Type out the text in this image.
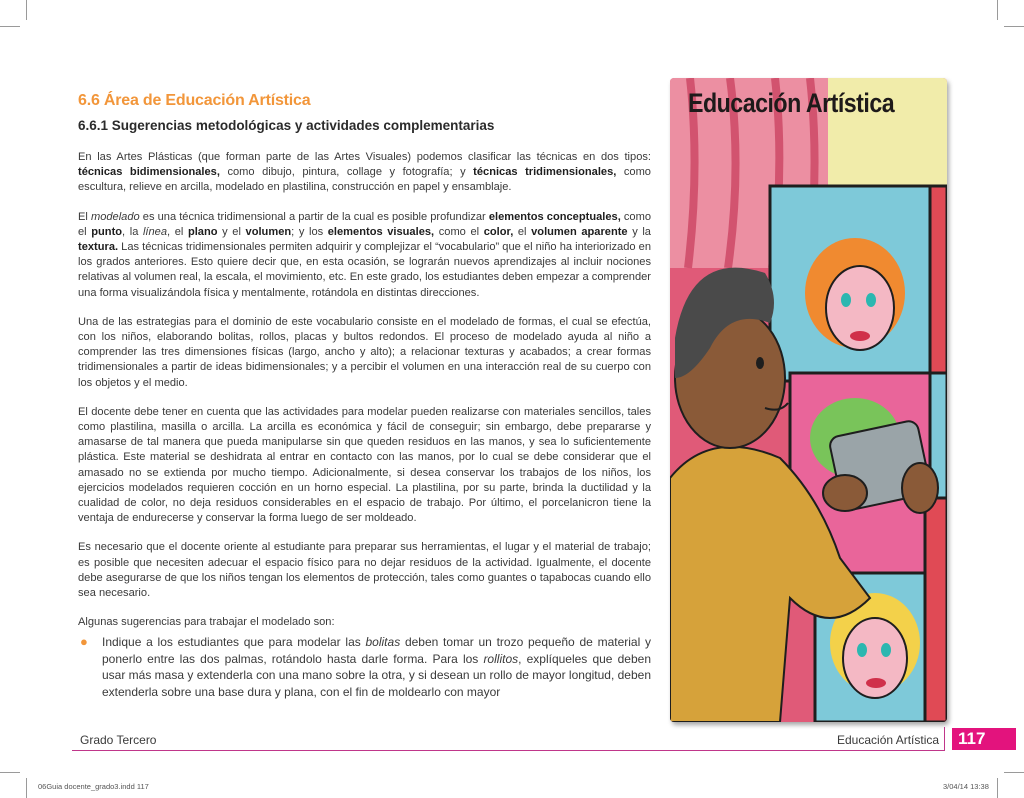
6.6 Área de Educación Artística
6.6.1 Sugerencias metodológicas y actividades complementarias

En las Artes Plásticas (que forman parte de las Artes Visuales) podemos clasificar las técnicas en dos tipos: técnicas bidimensionales, como dibujo, pintura, collage y fotografía; y técnicas tridimensionales, como escultura, relieve en arcilla, modelado en plastilina, construcción en papel y ensamblaje.

El modelado es una técnica tridimensional a partir de la cual es posible profundizar elementos conceptuales, como el punto, la línea, el plano y el volumen; y los elementos visuales, como el color, el volumen aparente y la textura. Las técnicas tridimensionales permiten adquirir y complejizar el “vocabulario” que el niño ha interiorizado en los grados anteriores. Esto quiere decir que, en esta ocasión, se lograrán nuevos aprendizajes al incluir nociones relativas al volumen real, la escala, el movimiento, etc. En este grado, los estudiantes deben empezar a comprender una forma visualizándola física y mentalmente, rotándola en distintas direcciones.

Una de las estrategias para el dominio de este vocabulario consiste en el modelado de formas, el cual se efectúa, con los niños, elaborando bolitas, rollos, placas y bultos redondos. El proceso de modelado ayuda al niño a comprender las tres dimensiones físicas (largo, ancho y alto); a relacionar texturas y acabados; a crear formas tridimensionales a partir de ideas bidimensionales; y a percibir el volumen en una interacción real de su cuerpo con los objetos y el medio.

El docente debe tener en cuenta que las actividades para modelar pueden realizarse con materiales sencillos, tales como plastilina, masilla o arcilla. La arcilla es económica y fácil de conseguir; sin embargo, debe prepararse y amasarse de tal manera que pueda manipularse sin que queden residuos en las manos, y sea lo suficientemente plástica. Este material se deshidrata al entrar en contacto con las manos, por lo cual se debe considerar que el amasado no se extienda por mucho tiempo. Adicionalmente, si desea conservar los trabajos de los niños, los ejercicios modelados requieren cocción en un horno especial. La plastilina, por su parte, brinda la ductilidad y la cualidad de color, no deja residuos considerables en el espacio de trabajo. Por último, el porcelanicron tiene la ventaja de endurecerse y conservar la forma luego de ser moldeado.

Es necesario que el docente oriente al estudiante para preparar sus herramientas, el lugar y el material de trabajo; es posible que necesiten adecuar el espacio físico para no dejar residuos de la actividad. Igualmente, el docente debe asegurarse de que los niños tengan los elementos de protección, tales como guantes o tapabocas cuando ello sea necesario.

Algunas sugerencias para trabajar el modelado son:

● Indique a los estudiantes que para modelar las bolitas deben tomar un trozo pequeño de material y ponerlo entre las dos palmas, rotándolo hasta darle forma. Para los rollitos, explíqueles que deben usar más masa y extenderla con una mano sobre la otra, y si desean un rollo de mayor longitud, deben extenderla sobre una base dura y plana, con el fin de moldearlo con mayor
Educación Artística
Grado Tercero	Educación Artística	117
06Guia docente_grado3.indd 117	3/04/14 13:38
